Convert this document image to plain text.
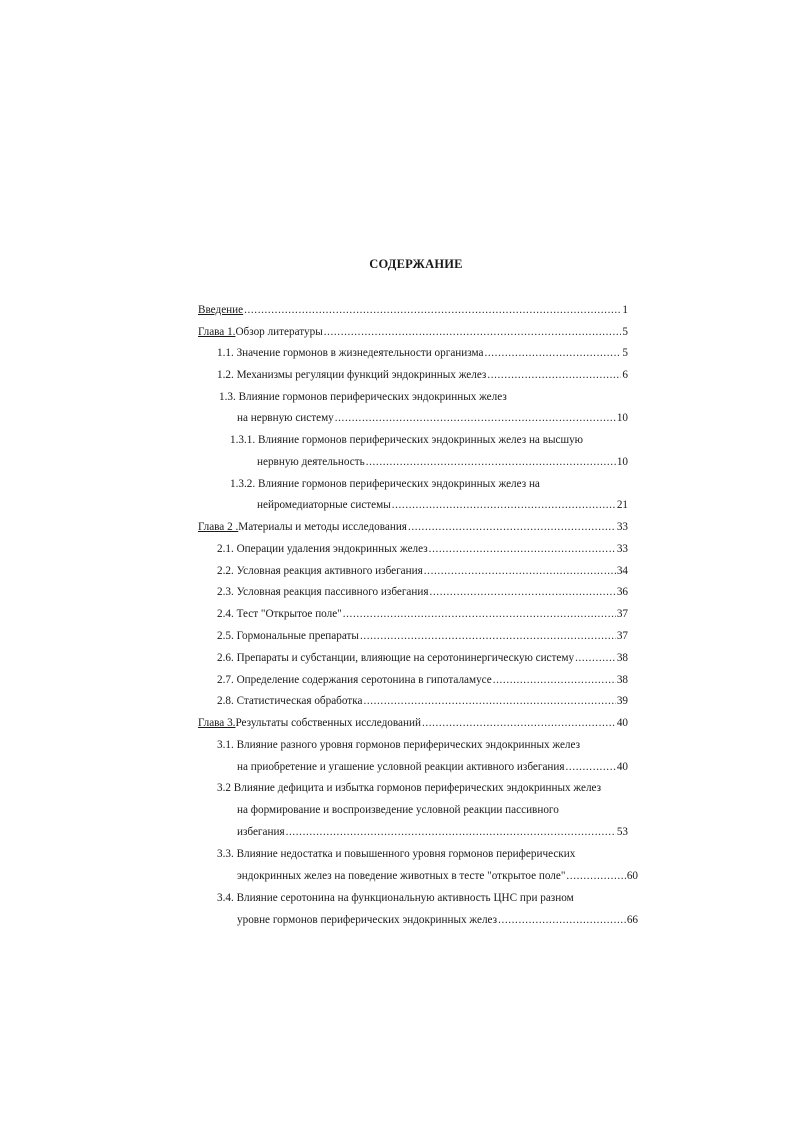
СОДЕРЖАНИЕ
Введение .....	1
Глава 1. Обзор литературы .....	5
1.1. Значение гормонов в жизнедеятельности организма .....	5
1.2. Механизмы регуляции функций эндокринных желез .....	6
1.3. Влияние гормонов периферических эндокринных желез
на нервную систему .....	10
1.3.1. Влияние гормонов периферических эндокринных желез на высшую
нервную деятельность .....	10
1.3.2. Влияние гормонов периферических эндокринных желез на
нейромедиаторные системы .....	21
Глава 2 . Материалы и методы исследования .....	33
2.1. Операции удаления эндокринных желез .....	33
2.2. Условная реакция активного избегания .....	34
2.3. Условная реакция пассивного избегания .....	36
2.4. Тест "Открытое поле" .....	37
2.5. Гормональные препараты .....	37
2.6. Препараты и субстанции, влияющие на серотонинергическую систему .....	38
2.7. Определение содержания серотонина в гипоталамусе .....	38
2.8. Статистическая обработка .....	39
Глава 3. Результаты собственных исследований .....	40
3.1. Влияние разного уровня гормонов периферических эндокринных желез
на приобретение и угашение условной реакции активного избегания .....	40
3.2 Влияние дефицита и избытка гормонов периферических эндокринных желез
на формирование и воспроизведение условной реакции пассивного
избегания .....	53
3.3. Влияние недостатка и повышенного уровня гормонов периферических
эндокринных желез на поведение животных в тесте "открытое поле" .....	60
3.4. Влияние серотонина на функциональную активность ЦНС при разном
уровне гормонов периферических эндокринных желез .....	66
